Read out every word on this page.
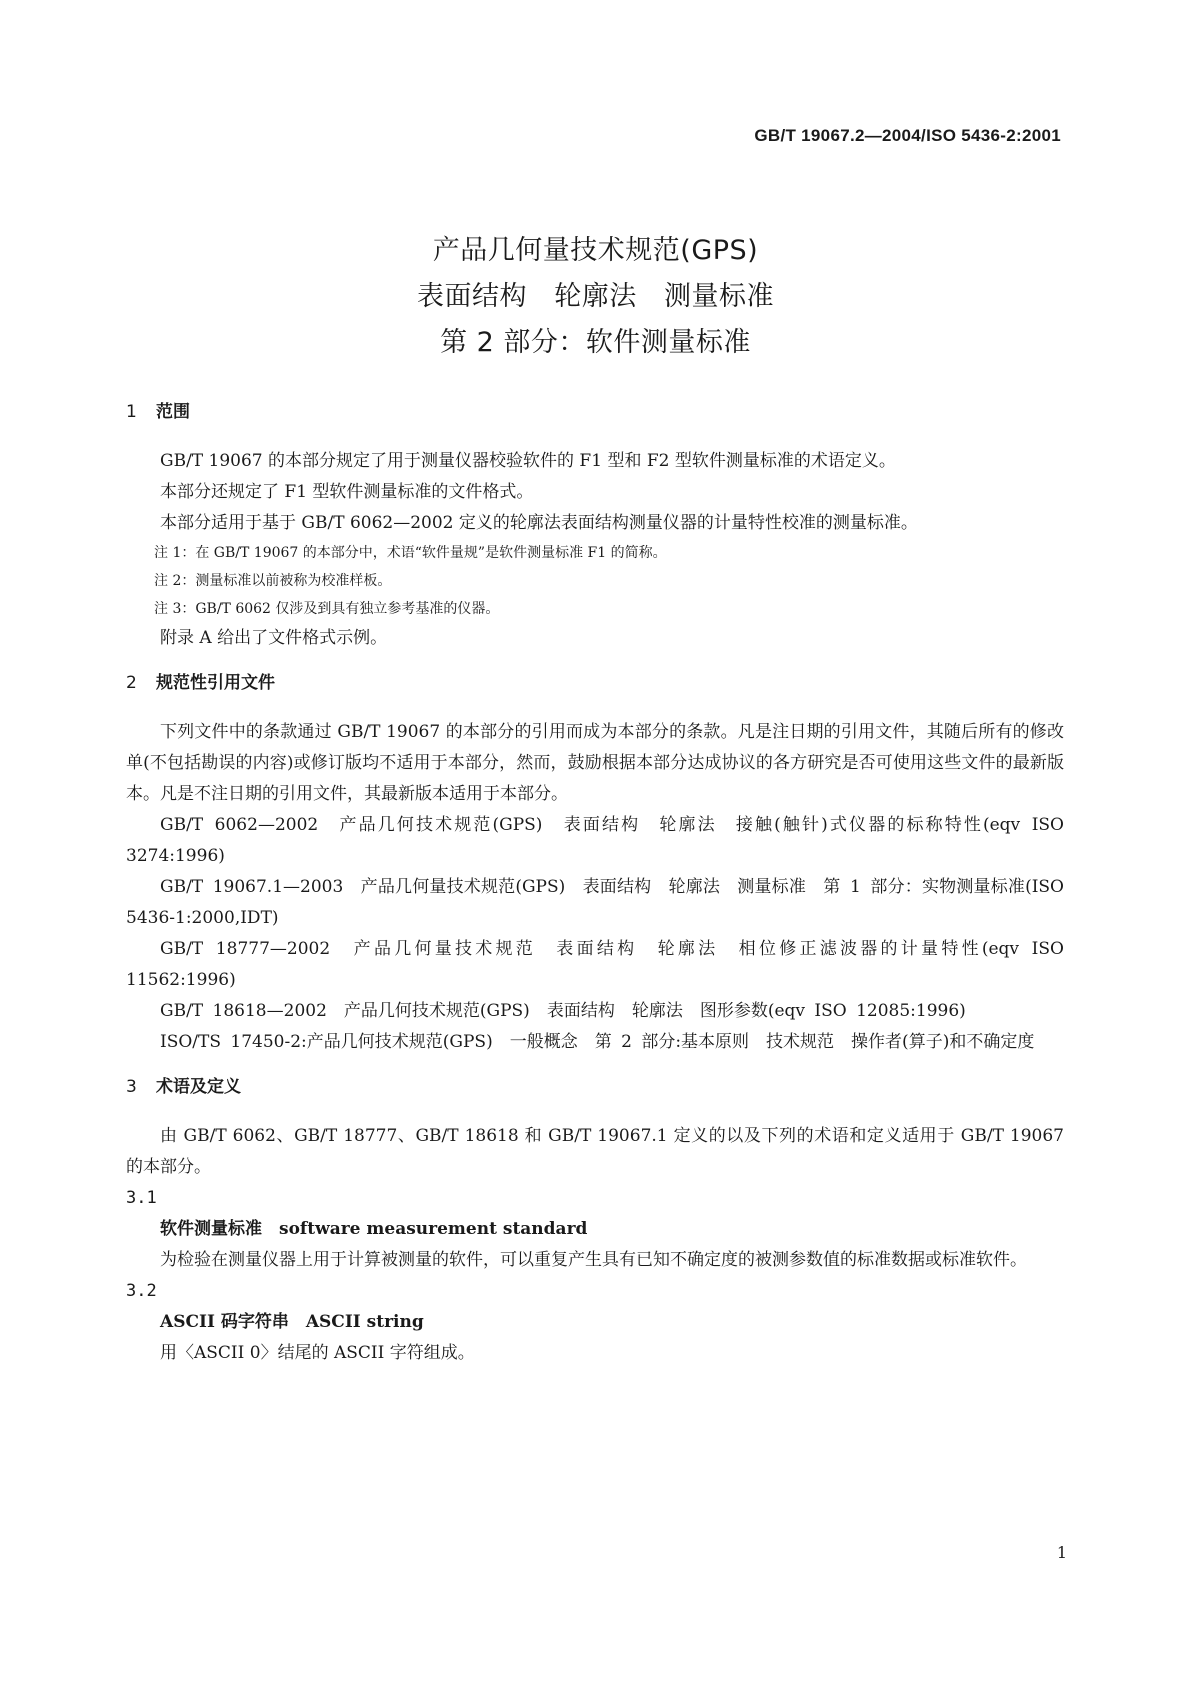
GB/T 19067.2—2004/ISO 5436-2:2001
产品几何量技术规范(GPS)
表面结构   轮廓法   测量标准
第 2 部分：软件测量标准
1 范围

GB/T 19067 的本部分规定了用于测量仪器校验软件的 F1 型和 F2 型软件测量标准的术语定义。

本部分还规定了 F1 型软件测量标准的文件格式。

本部分适用于基于 GB/T 6062—2002 定义的轮廓法表面结构测量仪器的计量特性校准的测量标准。

注 1：在 GB/T 19067 的本部分中，术语“软件量规”是软件测量标准 F1 的简称。

注 2：测量标准以前被称为校准样板。

注 3：GB/T 6062 仅涉及到具有独立参考基准的仪器。

附录 A 给出了文件格式示例。

2 规范性引用文件

下列文件中的条款通过 GB/T 19067 的本部分的引用而成为本部分的条款。凡是注日期的引用文件，其随后所有的修改单(不包括勘误的内容)或修订版均不适用于本部分，然而，鼓励根据本部分达成协议的各方研究是否可使用这些文件的最新版本。凡是不注日期的引用文件，其最新版本适用于本部分。

GB/T 6062—2002　产品几何技术规范(GPS)　表面结构　轮廓法　接触(触针)式仪器的标称特性(eqv ISO 3274:1996)

GB/T 19067.1—2003　产品几何量技术规范(GPS)　表面结构　轮廓法　测量标准　第 1 部分：实物测量标准(ISO 5436-1:2000,IDT)

GB/T 18777—2002　产品几何量技术规范　表面结构　轮廓法　相位修正滤波器的计量特性(eqv ISO 11562:1996)

GB/T 18618—2002　产品几何技术规范(GPS)　表面结构　轮廓法　图形参数(eqv ISO 12085:1996)

ISO/TS 17450-2:产品几何技术规范(GPS)　一般概念　第 2 部分:基本原则　技术规范　操作者(算子)和不确定度

3 术语及定义

由 GB/T 6062、GB/T 18777、GB/T 18618 和 GB/T 19067.1 定义的以及下列的术语和定义适用于 GB/T 19067 的本部分。

3.1

软件测量标准　software measurement standard

为检验在测量仪器上用于计算被测量的软件，可以重复产生具有已知不确定度的被测参数值的标准数据或标准软件。

3.2

ASCII 码字符串　ASCII string

用〈ASCII 0〉结尾的 ASCII 字符组成。

1
